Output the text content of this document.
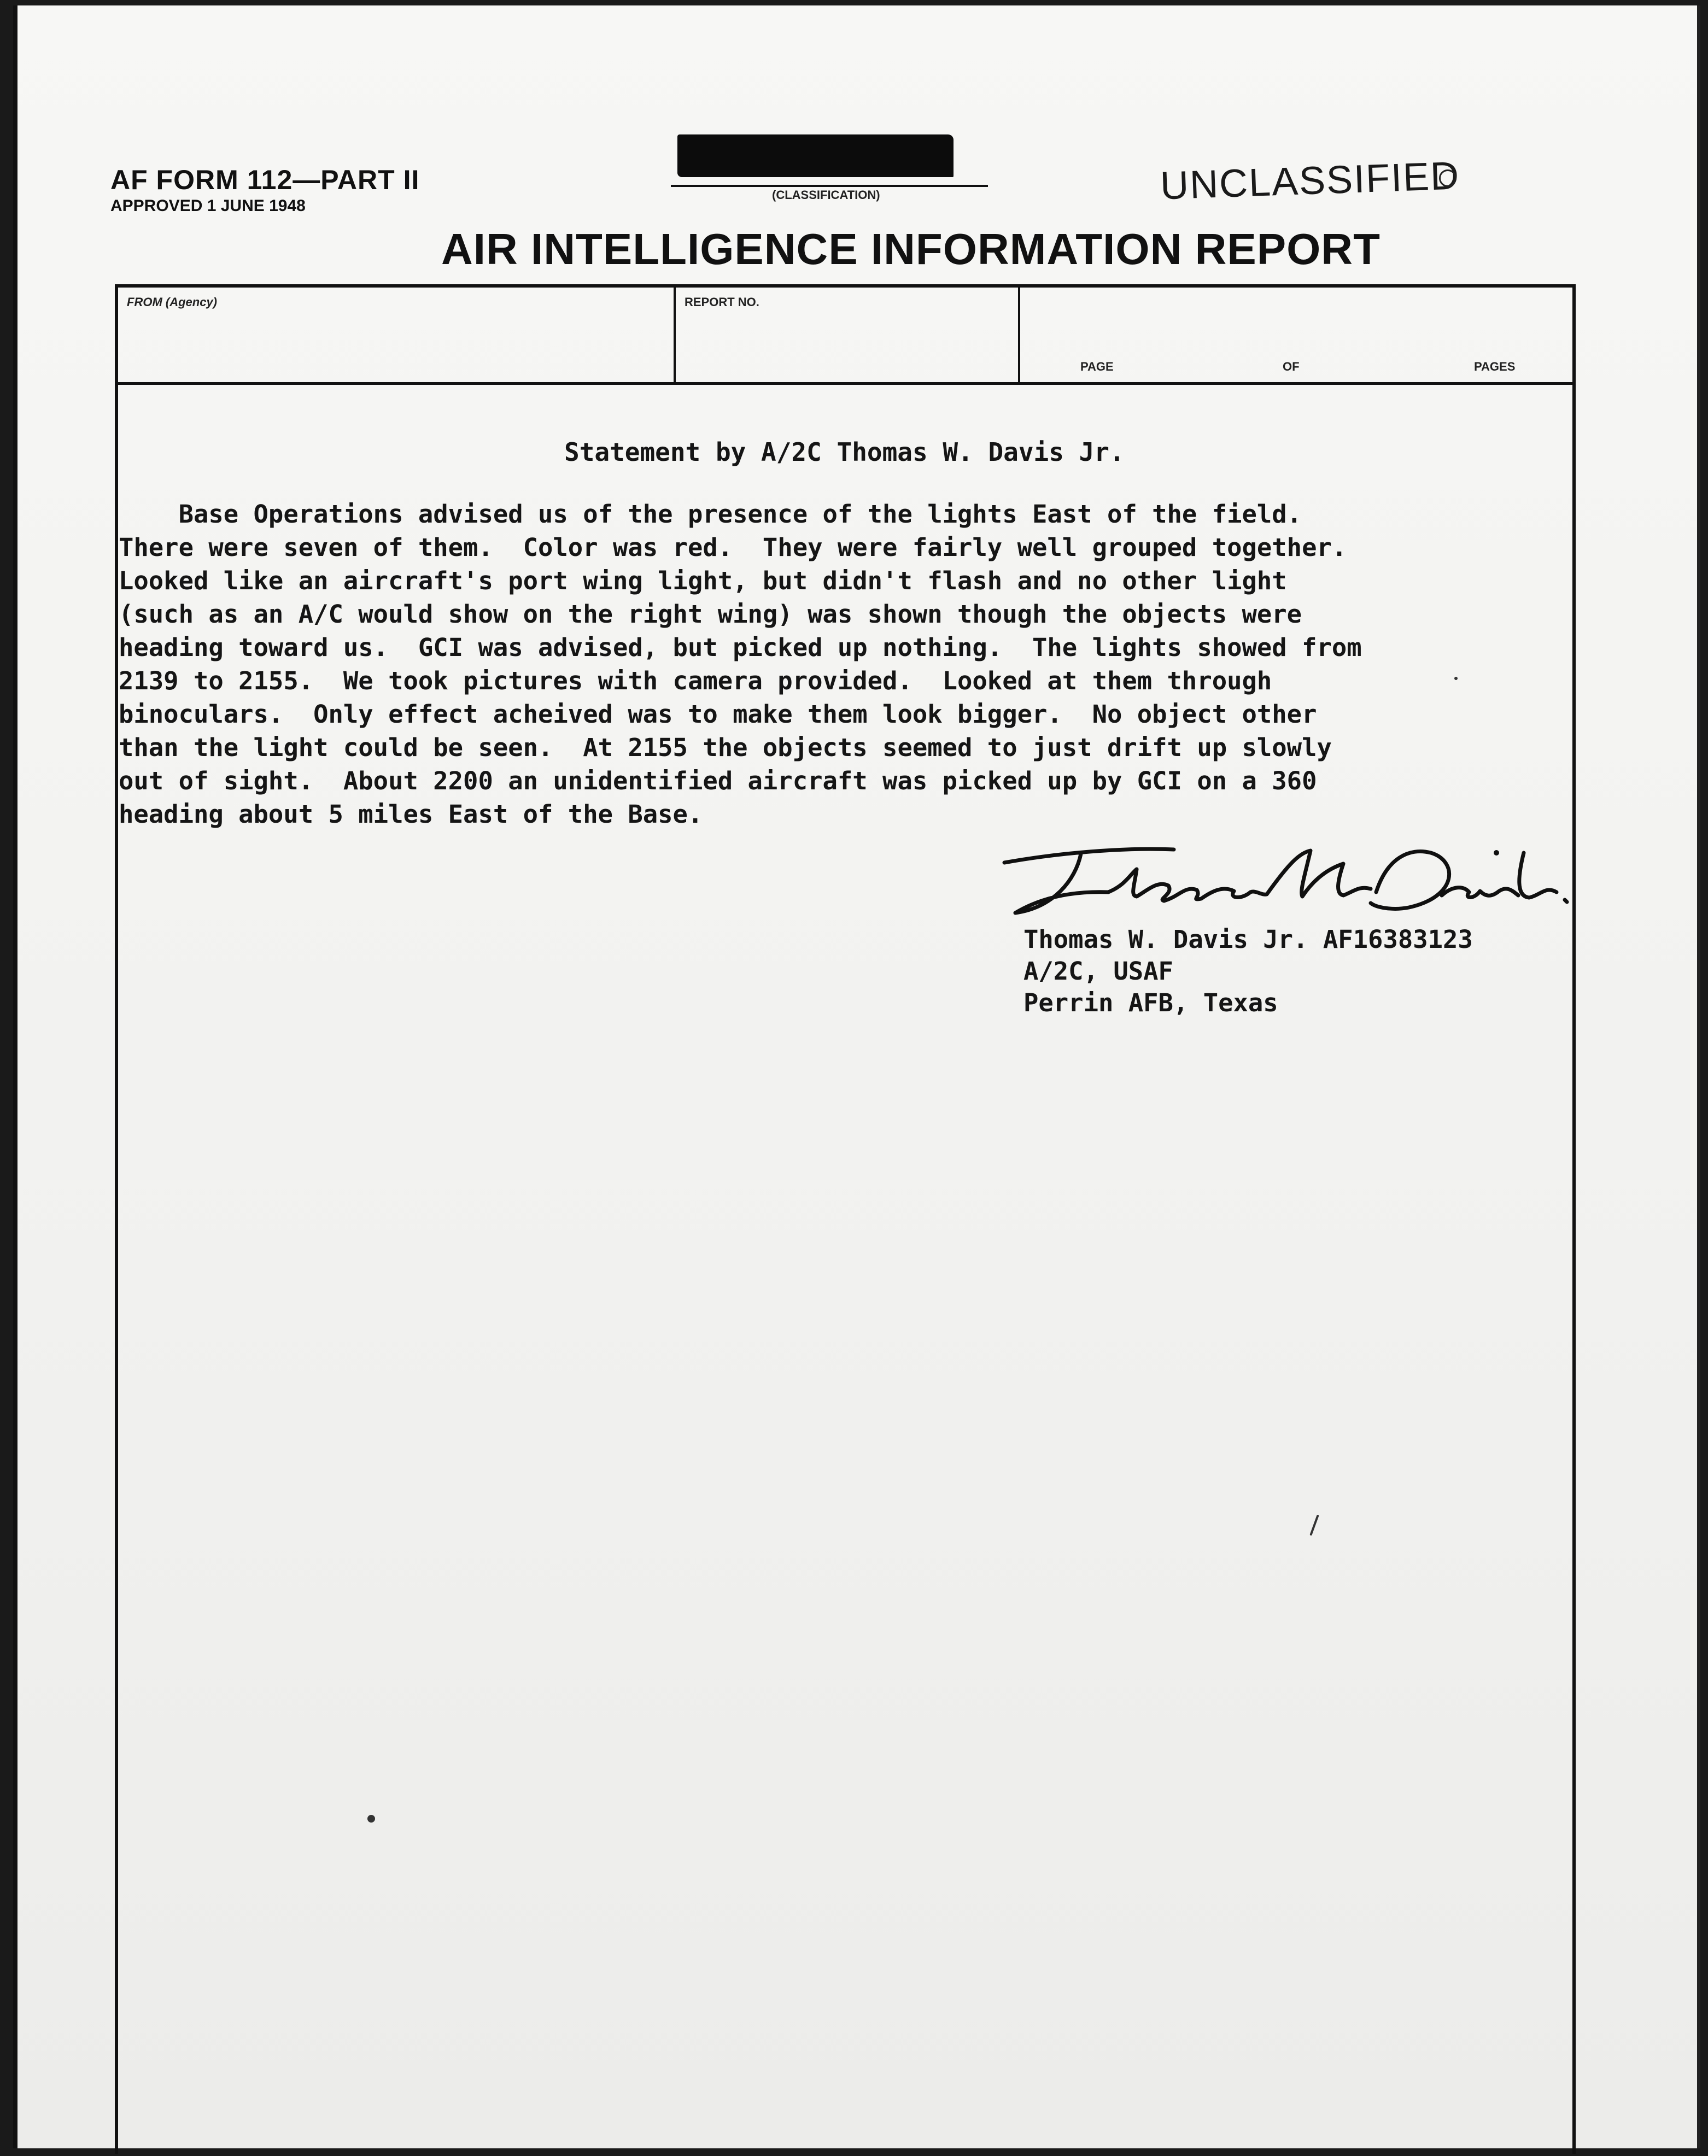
AF FORM 112—PART II
APPROVED 1 JUNE 1948
(CLASSIFICATION)	UNCLASSIFIED
AIR INTELLIGENCE INFORMATION REPORT
FROM (Agency)	REPORT NO.
PAGE	OF	PAGES
Statement by A/2C Thomas W. Davis Jr.
Base Operations advised us of the presence of the lights East of the field.
There were seven of them.  Color was red.  They were fairly well grouped together.
Looked like an aircraft's port wing light, but didn't flash and no other light
(such as an A/C would show on the right wing) was shown though the objects were
heading toward us.  GCI was advised, but picked up nothing.  The lights showed from
2139 to 2155.  We took pictures with camera provided.  Looked at them through
binoculars.  Only effect acheived was to make them look bigger.  No object other
than the light could be seen.  At 2155 the objects seemed to just drift up slowly
out of sight.  About 2200 an unidentified aircraft was picked up by GCI on a 360
heading about 5 miles East of the Base.
Thomas W. Davis Jr. AF16383123
A/2C, USAF
Perrin AFB, Texas
